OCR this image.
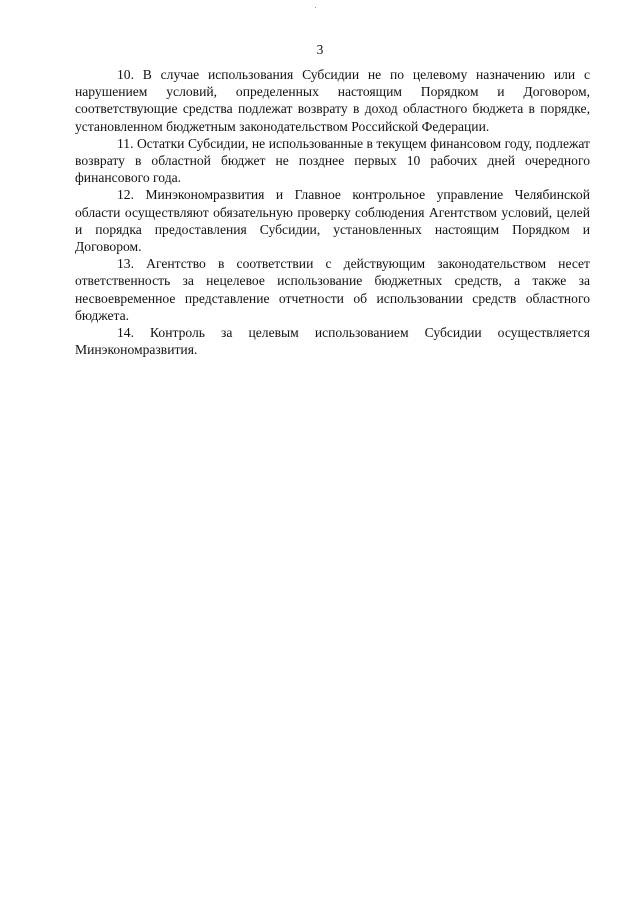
3

10. В случае использования Субсидии не по целевому назначению или с нарушением условий, определенных настоящим Порядком и Договором, соответствующие средства подлежат возврату в доход областного бюджета в порядке, установленном бюджетным законодательством Российской Федерации.

11. Остатки Субсидии, не использованные в текущем финансовом году, подлежат возврату в областной бюджет не позднее первых 10 рабочих дней очередного финансового года.

12. Минэкономразвития и Главное контрольное управление Челябинской области осуществляют обязательную проверку соблюдения Агентством условий, целей и порядка предоставления Субсидии, установленных настоящим Порядком и Договором.

13. Агентство в соответствии с действующим законодательством несет ответственность за нецелевое использование бюджетных средств, а также за несвоевременное представление отчетности об использовании средств областного бюджета.

14. Контроль за целевым использованием Субсидии осуществляется Минэкономразвития.
